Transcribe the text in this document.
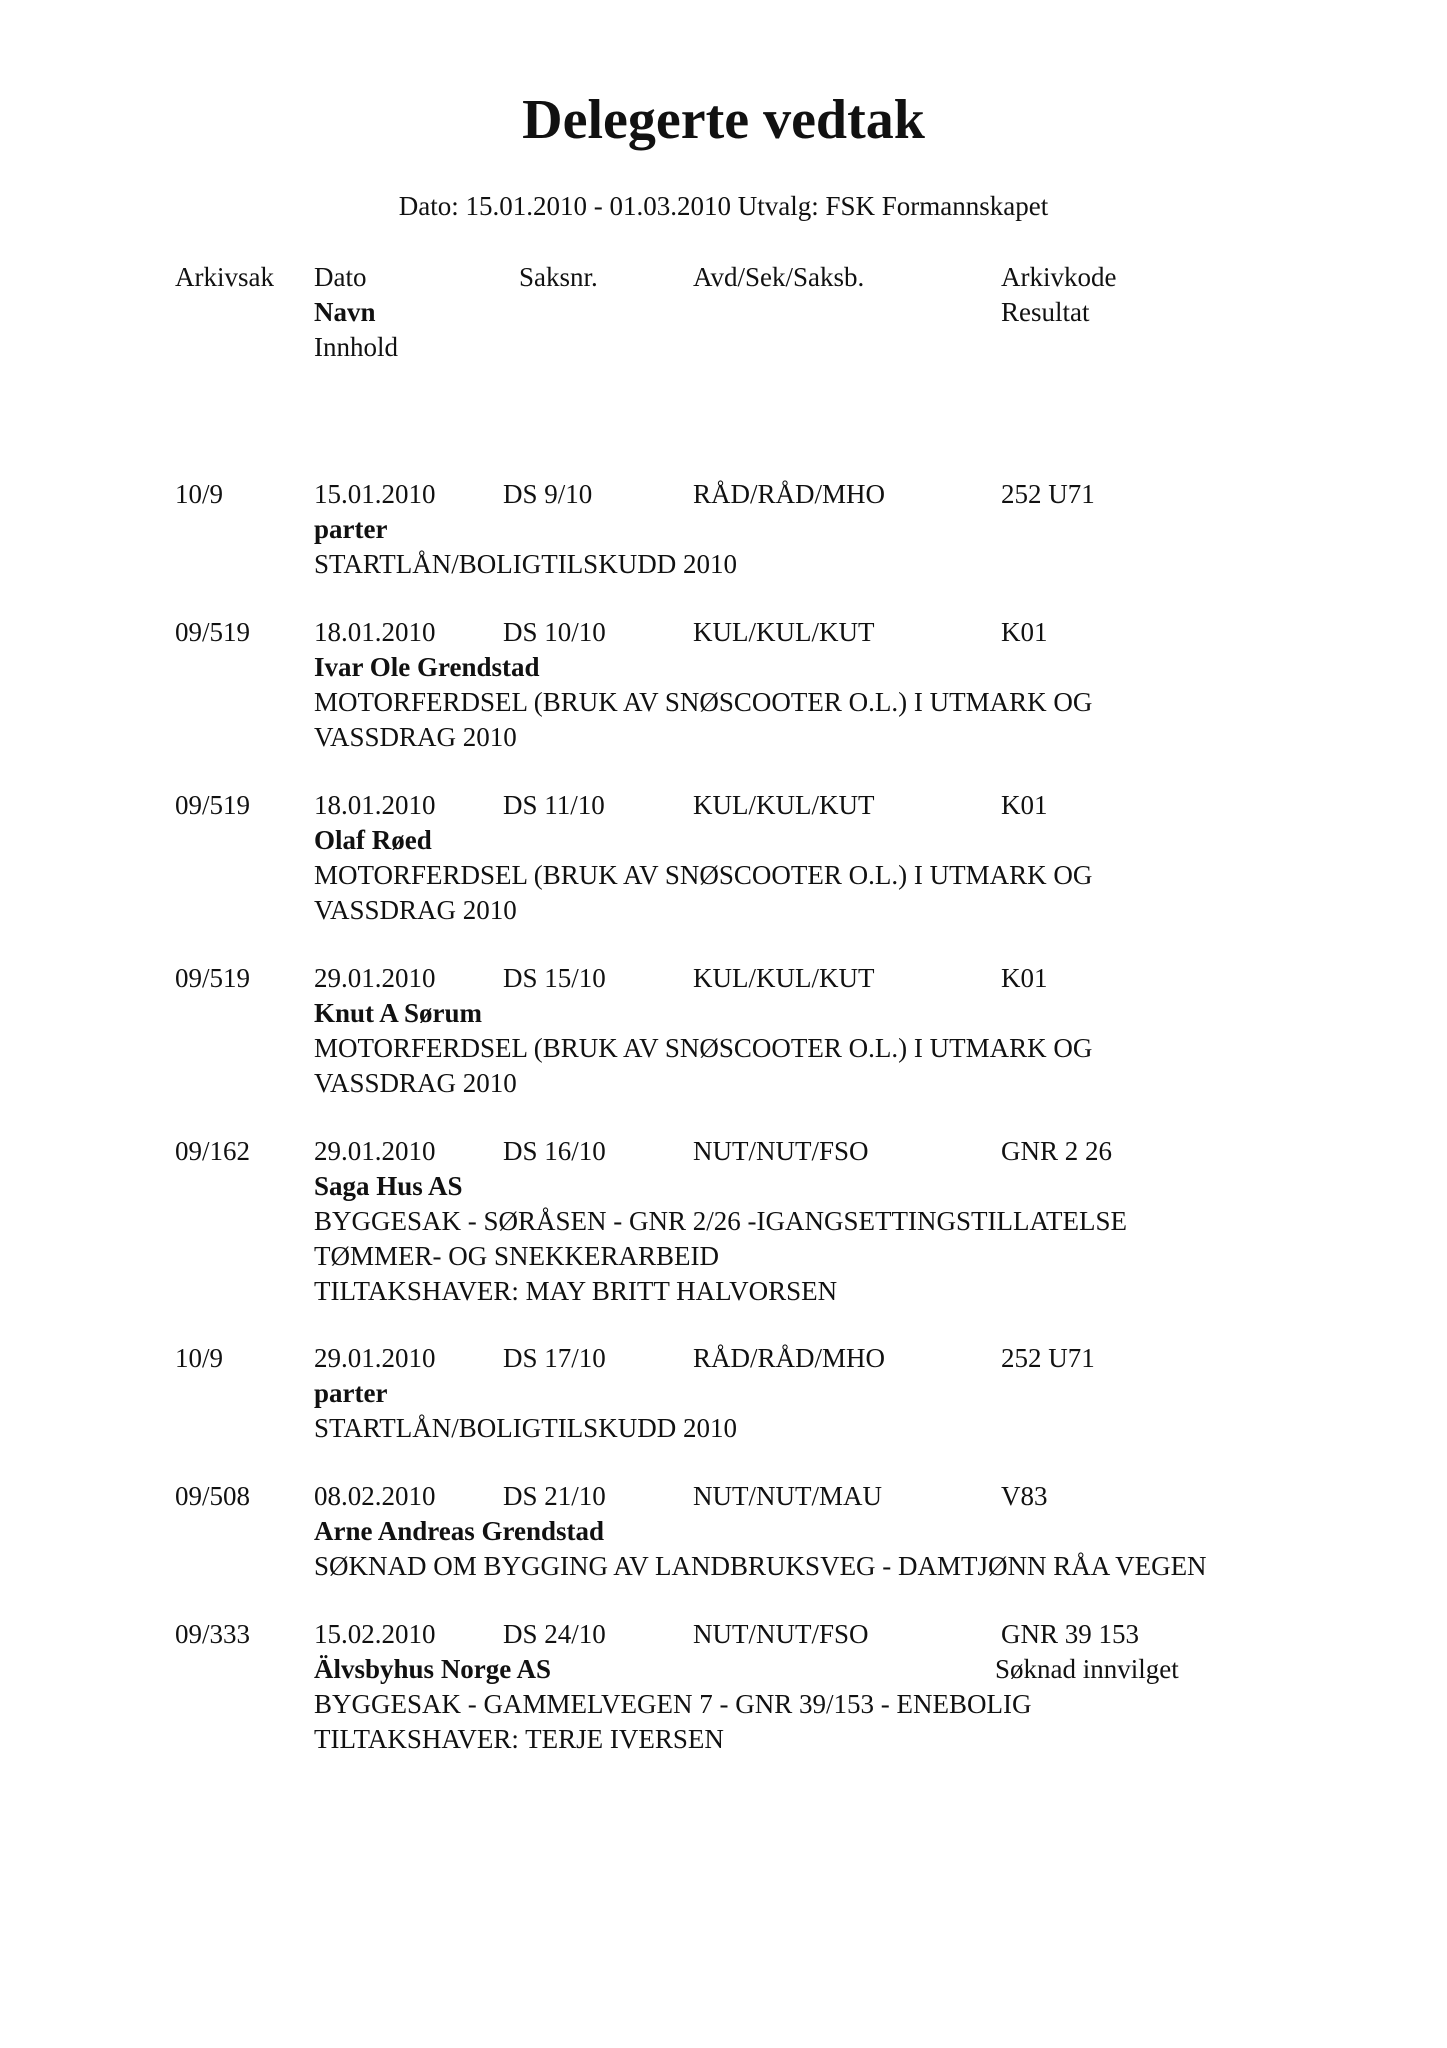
Delegerte vedtak
Dato: 15.01.2010 - 01.03.2010 Utvalg: FSK Formannskapet
Arkivsak Dato	Saksnr.	Avd/Sek/Saksb.	Arkivkode
Navn	Resultat
Innhold
10/9	15.01.2010	DS 9/10	RÅD/RÅD/MHO	252 U71
parter
STARTLÅN/BOLIGTILSKUDD 2010
09/519 18.01.2010	DS 10/10	KUL/KUL/KUT	K01
Ivar Ole Grendstad
MOTORFERDSEL (BRUK AV SNØSCOOTER O.L.) I UTMARK OG
VASSDRAG 2010
09/519 18.01.2010	DS 11/10	KUL/KUL/KUT	K01
Olaf Røed
MOTORFERDSEL (BRUK AV SNØSCOOTER O.L.) I UTMARK OG
VASSDRAG 2010
09/519 29.01.2010	DS 15/10	KUL/KUL/KUT	K01
Knut A Sørum
MOTORFERDSEL (BRUK AV SNØSCOOTER O.L.) I UTMARK OG
VASSDRAG 2010
09/162 29.01.2010	DS 16/10	NUT/NUT/FSO	GNR 2 26
Saga Hus AS
BYGGESAK - SØRÅSEN - GNR 2/26 -IGANGSETTINGSTILLATELSE
TØMMER- OG SNEKKERARBEID
TILTAKSHAVER: MAY BRITT HALVORSEN
10/9	29.01.2010	DS 17/10	RÅD/RÅD/MHO	252 U71
parter
STARTLÅN/BOLIGTILSKUDD 2010
09/508 08.02.2010	DS 21/10	NUT/NUT/MAU	V83
Arne Andreas Grendstad
SØKNAD OM BYGGING AV LANDBRUKSVEG - DAMTJØNN RÅA VEGEN
09/333 15.02.2010	DS 24/10	NUT/NUT/FSO	GNR 39 153
Älvsbyhus Norge AS	Søknad innvilget
BYGGESAK - GAMMELVEGEN 7 - GNR 39/153 - ENEBOLIG
TILTAKSHAVER: TERJE IVERSEN
